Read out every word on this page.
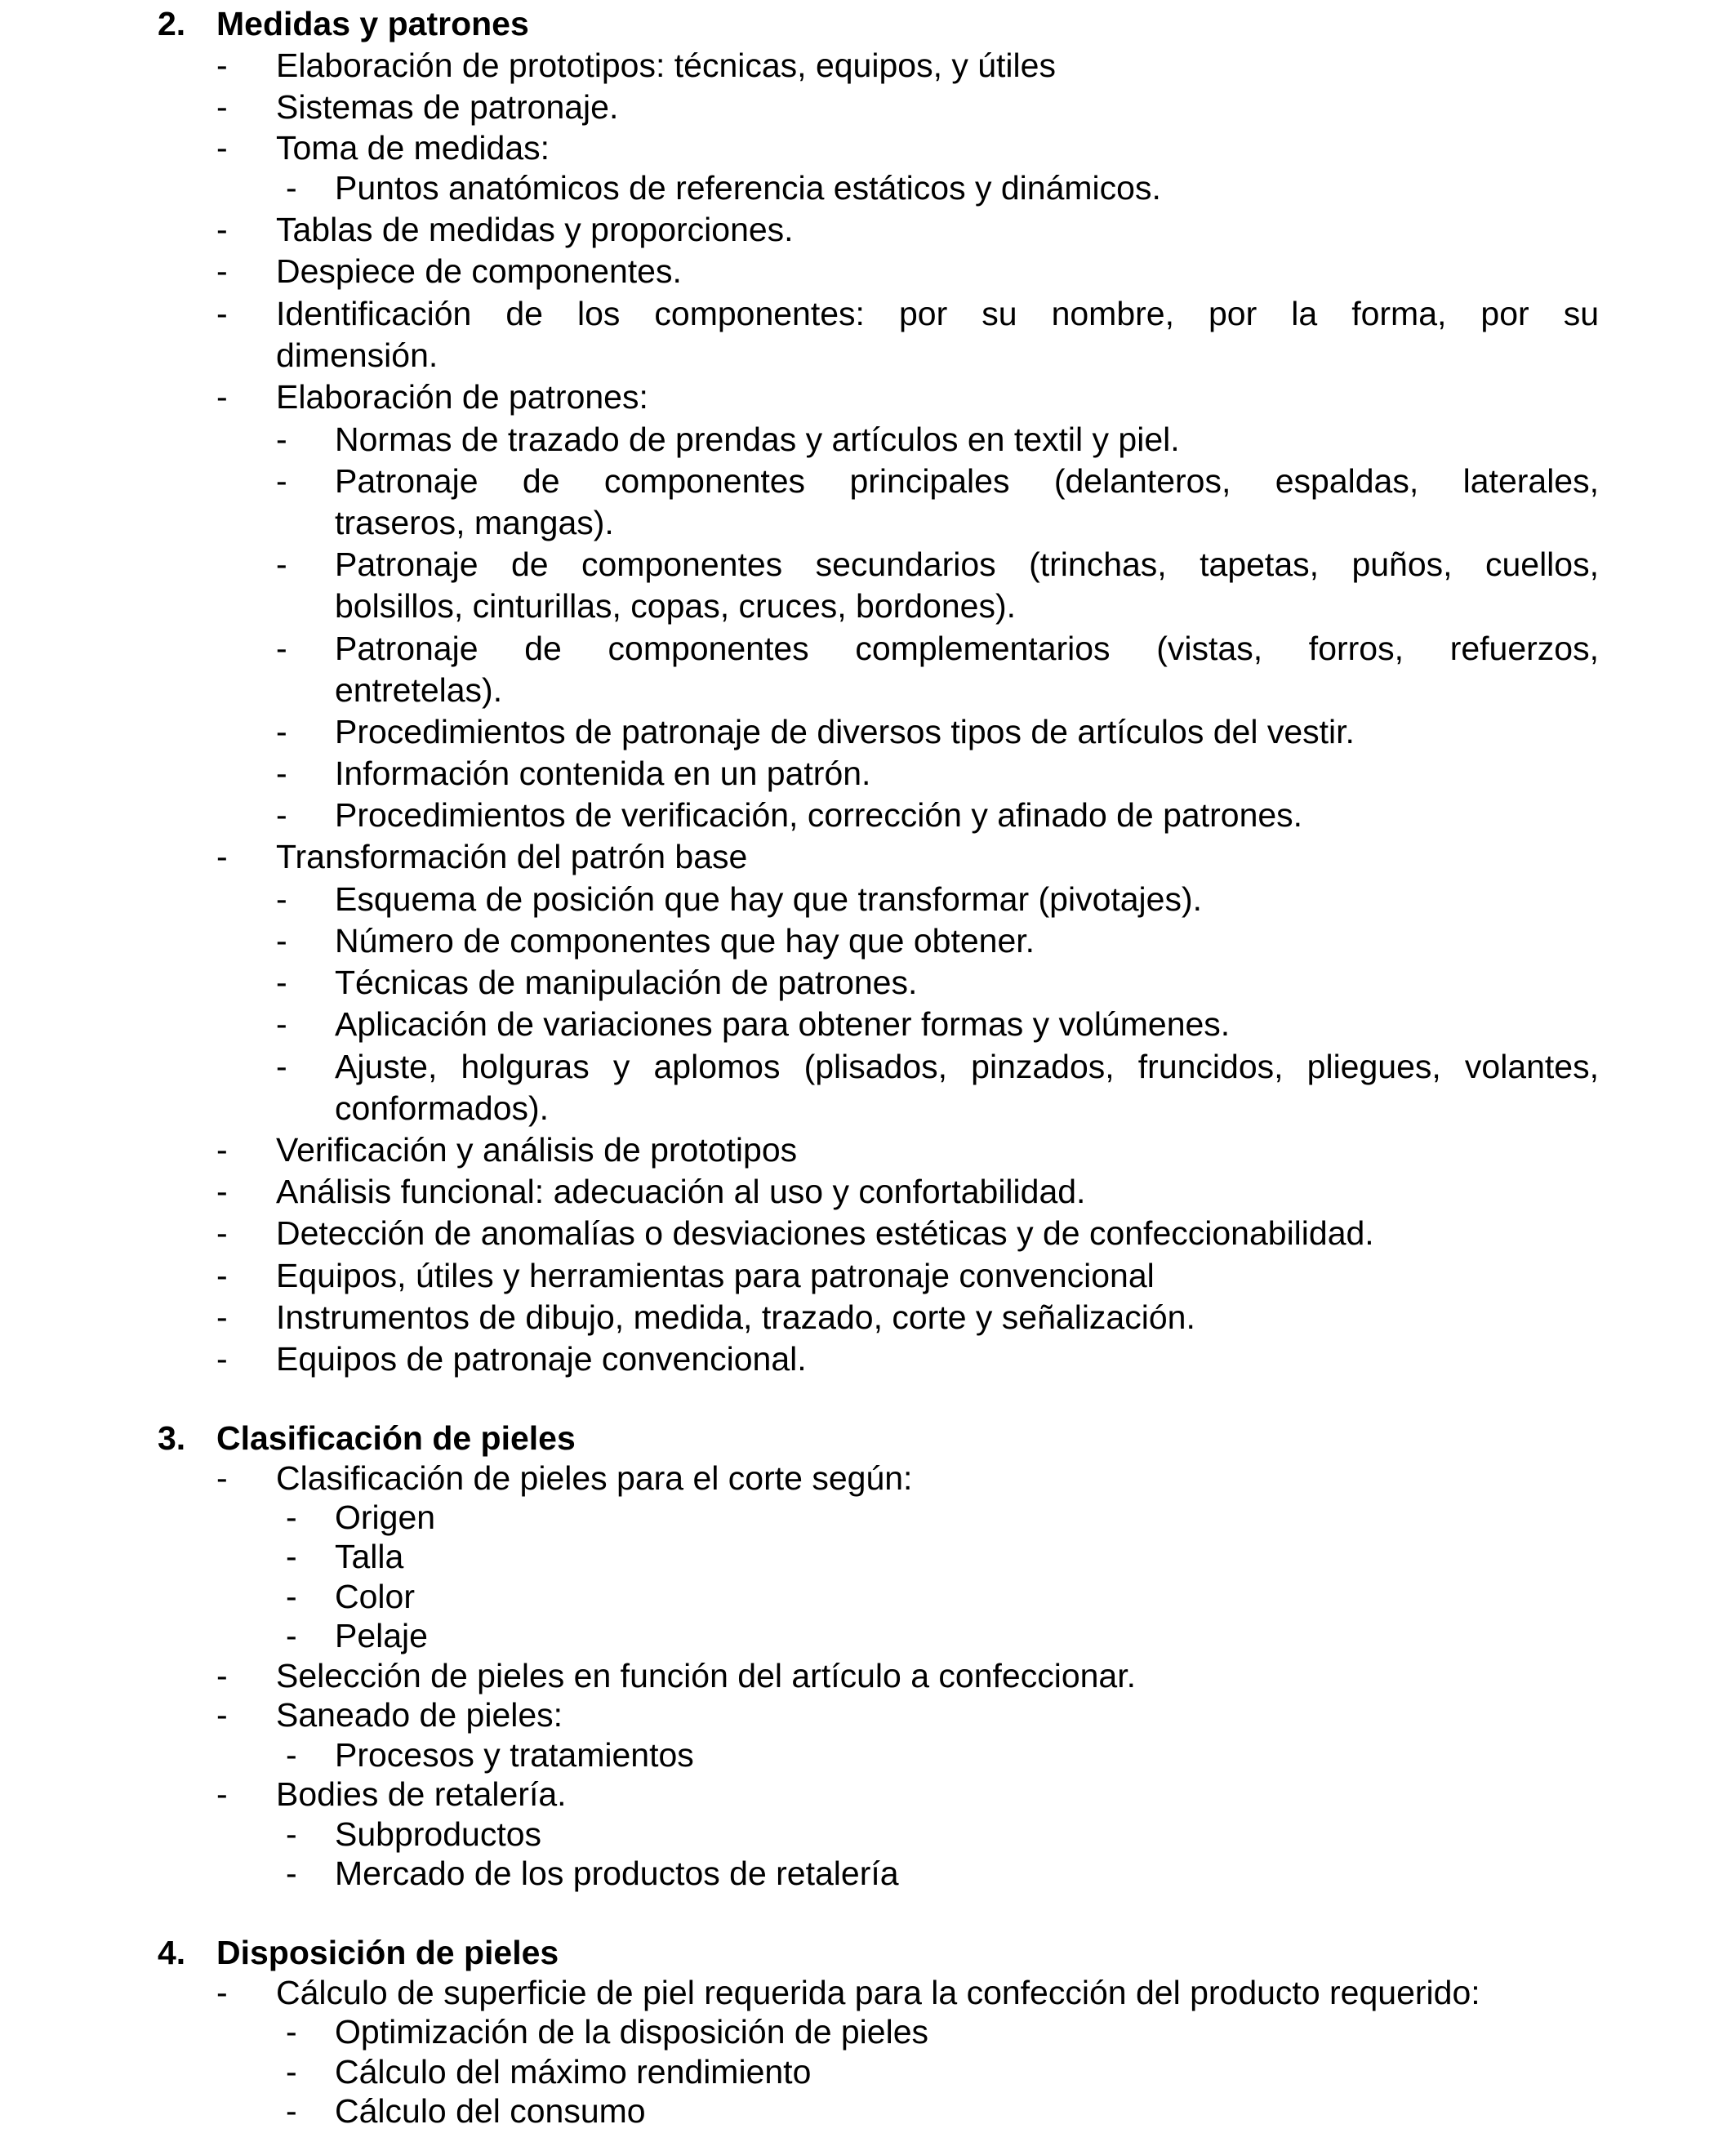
2. Medidas y patrones
- Elaboración de prototipos: técnicas, equipos, y útiles
- Sistemas de patronaje.
- Toma de medidas:
- Puntos anatómicos de referencia estáticos y dinámicos.
- Tablas de medidas y proporciones.
- Despiece de componentes.
- Identificación de los componentes: por su nombre, por la forma, por su
dimensión.
- Elaboración de patrones:
- Normas de trazado de prendas y artículos en textil y piel.
- Patronaje de componentes principales (delanteros, espaldas, laterales,
traseros, mangas).
- Patronaje de componentes secundarios (trinchas, tapetas, puños, cuellos,
bolsillos, cinturillas, copas, cruces, bordones).
- Patronaje de componentes complementarios (vistas, forros, refuerzos,
entretelas).
- Procedimientos de patronaje de diversos tipos de artículos del vestir.
- Información contenida en un patrón.
- Procedimientos de verificación, corrección y afinado de patrones.
- Transformación del patrón base
- Esquema de posición que hay que transformar (pivotajes).
- Número de componentes que hay que obtener.
- Técnicas de manipulación de patrones.
- Aplicación de variaciones para obtener formas y volúmenes.
- Ajuste, holguras y aplomos (plisados, pinzados, fruncidos, pliegues, volantes,
conformados).
- Verificación y análisis de prototipos
- Análisis funcional: adecuación al uso y confortabilidad.
- Detección de anomalías o desviaciones estéticas y de confeccionabilidad.
- Equipos, útiles y herramientas para patronaje convencional
- Instrumentos de dibujo, medida, trazado, corte y señalización.
- Equipos de patronaje convencional.
3. Clasificación de pieles
- Clasificación de pieles para el corte según:
- Origen
- Talla
- Color
- Pelaje
- Selección de pieles en función del artículo a confeccionar.
- Saneado de pieles:
- Procesos y tratamientos
- Bodies de retalería.
- Subproductos
- Mercado de los productos de retalería
4. Disposición de pieles
- Cálculo de superficie de piel requerida para la confección del producto requerido:
- Optimización de la disposición de pieles
- Cálculo del máximo rendimiento
- Cálculo del consumo
